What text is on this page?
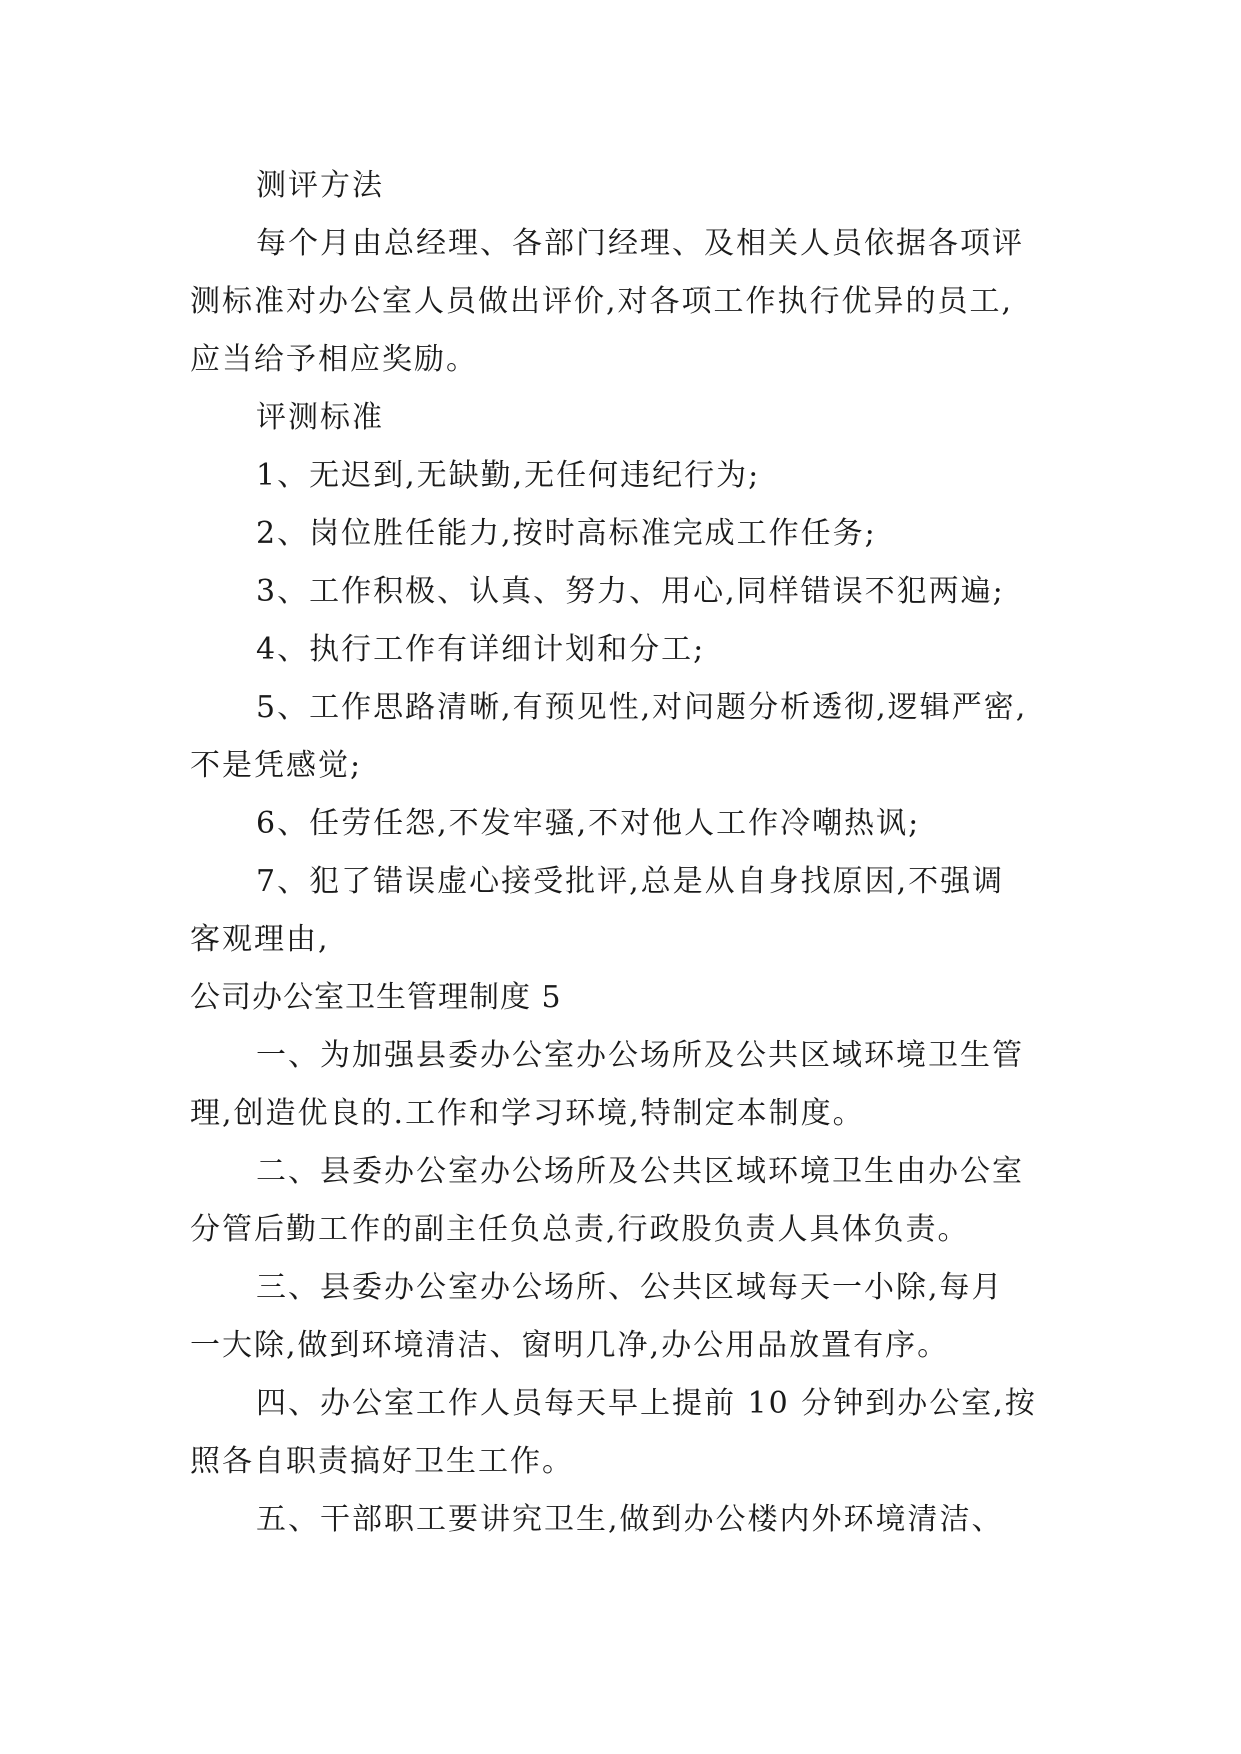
测评方法
每个月由总经理、各部门经理、及相关人员依据各项评
测标准对办公室人员做出评价,对各项工作执行优异的员工,
应当给予相应奖励。
评测标准
1、无迟到,无缺勤,无任何违纪行为;
2、岗位胜任能力,按时高标准完成工作任务;
3、工作积极、认真、努力、用心,同样错误不犯两遍;
4、执行工作有详细计划和分工;
5、工作思路清晰,有预见性,对问题分析透彻,逻辑严密,
不是凭感觉;
6、任劳任怨,不发牢骚,不对他人工作冷嘲热讽;
7、犯了错误虚心接受批评,总是从自身找原因,不强调
客观理由,
公司办公室卫生管理制度 5
一、为加强县委办公室办公场所及公共区域环境卫生管
理,创造优良的.工作和学习环境,特制定本制度。
二、县委办公室办公场所及公共区域环境卫生由办公室
分管后勤工作的副主任负总责,行政股负责人具体负责。
三、县委办公室办公场所、公共区域每天一小除,每月
一大除,做到环境清洁、窗明几净,办公用品放置有序。
四、办公室工作人员每天早上提前 10 分钟到办公室,按
照各自职责搞好卫生工作。
五、干部职工要讲究卫生,做到办公楼内外环境清洁、
